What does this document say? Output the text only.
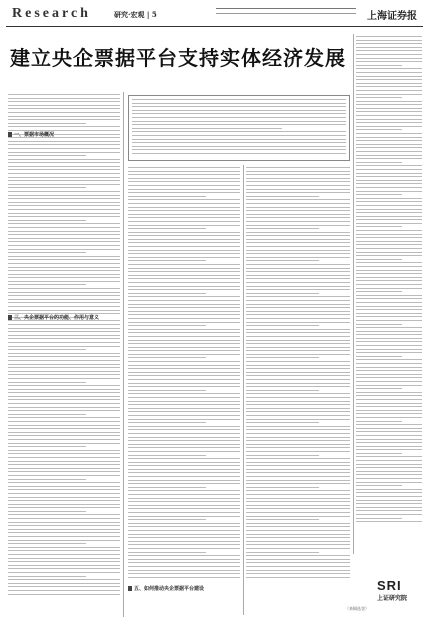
Research	研究·宏观 | 5	上海证券报
建立央企票据平台支持实体经济发展
一、票据市场概况
三、央企票据平台的功能、作用与意义
五、如何推动央企票据平台建设
（来稿选登）
SRI
上证研究院
